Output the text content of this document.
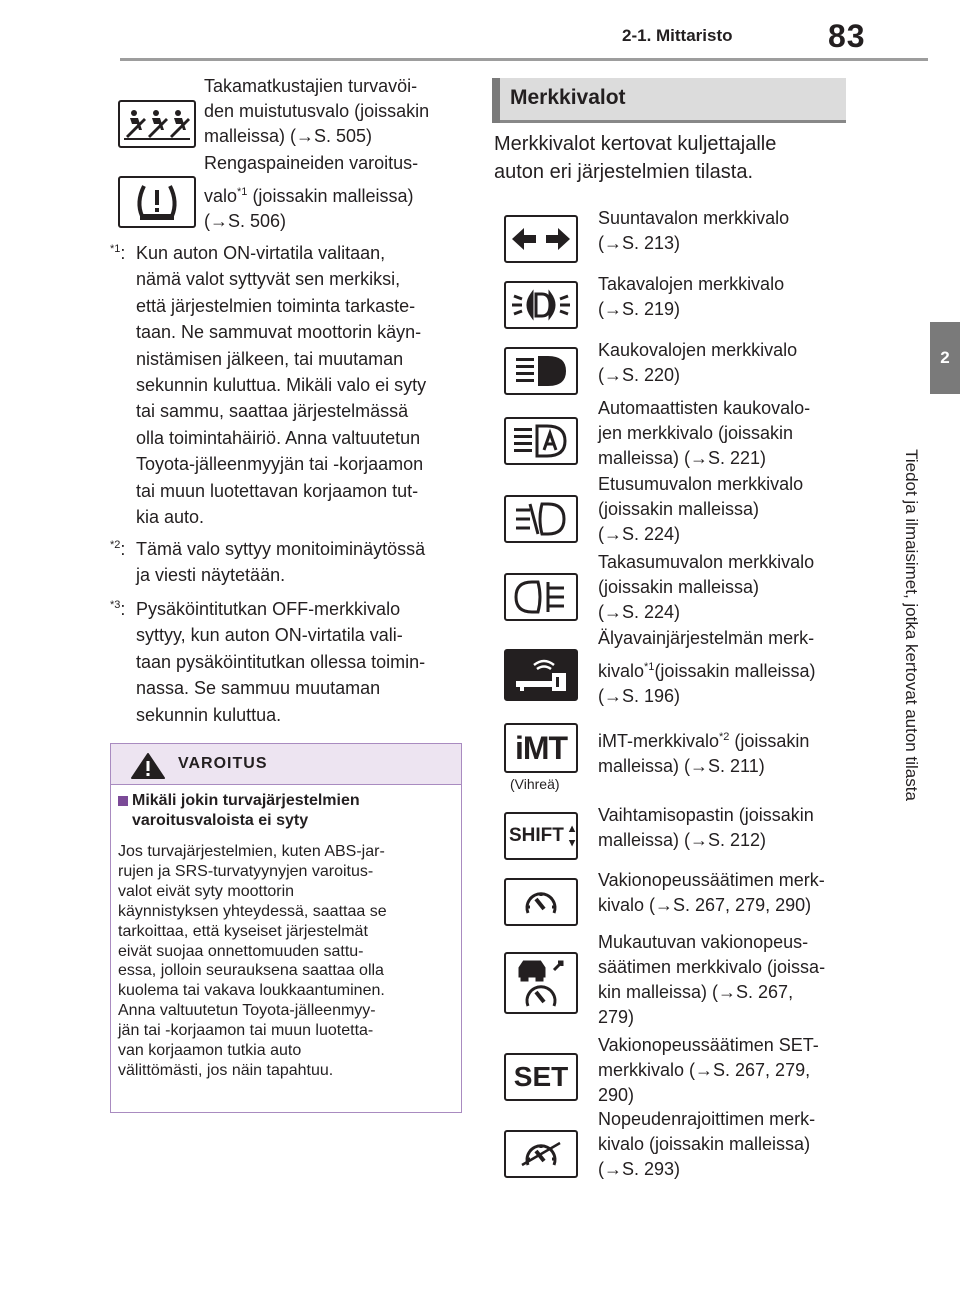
2-1. Mittaristo	83
2
Tiedot ja ilmaisimet, jotka kertovat auton tilasta
Takamatkustajien turvavöi-
den muistutusvalo (joissakin
malleissa) (→S. 505)
Rengaspaineiden varoitus-
valo$^{*1}$ (joissakin malleissa)
(→S. 506)
$^{*1}$: Kun auton ON-virtatila valitaan,
nämä valot syttyvät sen merkiksi,
että järjestelmien toiminta tarkaste-
taan. Ne sammuvat moottorin käyn-
nistämisen jälkeen, tai muutaman
sekunnin kuluttua. Mikäli valo ei syty
tai sammu, saattaa järjestelmässä
olla toimintahäiriö. Anna valtuutetun
Toyota-jälleenmyyjän tai -korjaamon
tai muun luotettavan korjaamon tut-
kia auto.
$^{*2}$: Tämä valo syttyy monitoiminäytössä
ja viesti näytetään.
$^{*3}$: Pysäköintitutkan OFF-merkkivalo
syttyy, kun auton ON-virtatila vali-
taan pysäköintitutkan ollessa toimin-
nassa. Se sammuu muutaman
sekunnin kuluttua.
VAROITUS
Mikäli jokin turvajärjestelmien
varoitusvaloista ei syty
Jos turvajärjestelmien, kuten ABS-jar-
rujen ja SRS-turvatyynyjen varoitus-
valot eivät syty moottorin
käynnistyksen yhteydessä, saattaa se
tarkoittaa, että kyseiset järjestelmät
eivät suojaa onnettomuuden sattu-
essa, jolloin seurauksena saattaa olla
kuolema tai vakava loukkaantuminen.
Anna valtuutetun Toyota-jälleenmyy-
jän tai -korjaamon tai muun luotetta-
van korjaamon tutkia auto
välittömästi, jos näin tapahtuu.
Merkkivalot
Merkkivalot kertovat kuljettajalle
auton eri järjestelmien tilasta.
Suuntavalon merkkivalo
(→S. 213)
Takavalojen merkkivalo
(→S. 219)
Kaukovalojen merkkivalo
(→S. 220)
Automaattisten kaukovalo-
jen merkkivalo (joissakin
malleissa) (→S. 221)
Etusumuvalon merkkivalo
(joissakin malleissa)
(→S. 224)
Takasumuvalon merkkivalo
(joissakin malleissa)
(→S. 224)
Älyavainjärjestelmän merk-
kivalo$^{*1}$(joissakin malleissa)
(→S. 196)
iMT
(Vihreä)
iMT-merkkivalo$^{*2}$ (joissakin
malleissa) (→S. 211)
SHIFT
Vaihtamisopastin (joissakin
malleissa) (→S. 212)
Vakionopeussäätimen merk-
kivalo (→S. 267, 279, 290)
Mukautuvan vakionopeus-
säätimen merkkivalo (joissa-
kin malleissa) (→S. 267,
279)
SET
Vakionopeussäätimen SET-
merkkivalo (→S. 267, 279,
290)
Nopeudenrajoittimen merk-
kivalo (joissakin malleissa)
(→S. 293)
